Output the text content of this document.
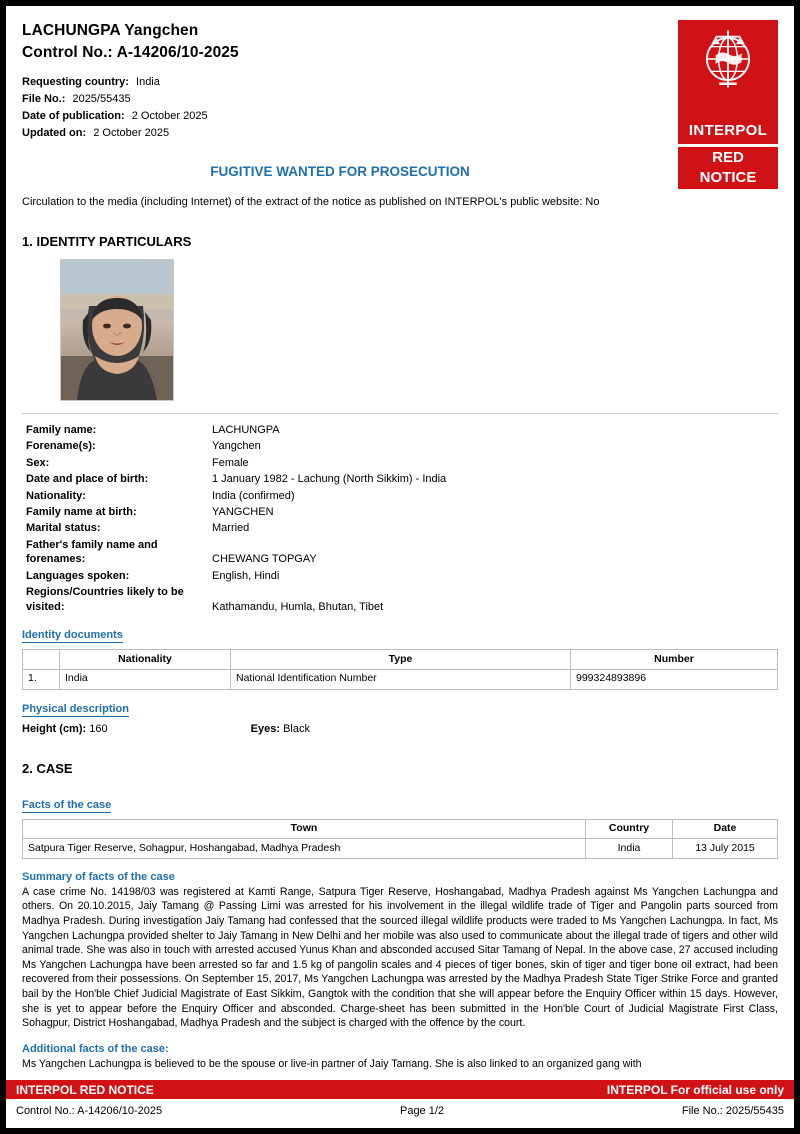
INTERPOL
RED
NOTICE
LACHUNGPA Yangchen
Control No.: A-14206/10-2025
Requesting country: India
File No.: 2025/55435
Date of publication: 2 October 2025
Updated on: 2 October 2025
FUGITIVE WANTED FOR PROSECUTION
Circulation to the media (including Internet) of the extract of the notice as published on INTERPOL's public website: No
1. IDENTITY PARTICULARS
Family name:	LACHUNGPA
Forename(s):	Yangchen
Sex:	Female
Date and place of birth:	1 January 1982 - Lachung (North Sikkim) - India
Nationality:	India (confirmed)
Family name at birth:	YANGCHEN
Marital status:	Married
Father's family name and forenames:	CHEWANG TOPGAY
Languages spoken:	English, Hindi
Regions/Countries likely to be visited:	Kathamandu, Humla, Bhutan, Tibet
Identity documents
	Nationality	Type	Number
1.	India	National Identification Number	999324893896
Physical description
Height (cm): 160	Eyes: Black
2. CASE
Facts of the case
Town	Country	Date
Satpura Tiger Reserve, Sohagpur, Hoshangabad, Madhya Pradesh	India	13 July 2015
Summary of facts of the case
A case crime No. 14198/03 was registered at Kamti Range, Satpura Tiger Reserve, Hoshangabad, Madhya Pradesh against Ms Yangchen Lachungpa and others. On 20.10.2015, Jaiy Tamang @ Passing Limi was arrested for his involvement in the illegal wildlife trade of Tiger and Pangolin parts sourced from Madhya Pradesh. During investigation Jaiy Tamang had confessed that the sourced illegal wildlife products were traded to Ms Yangchen Lachungpa. In fact, Ms Yangchen Lachungpa provided shelter to Jaiy Tamang in New Delhi and her mobile was also used to communicate about the illegal trade of tigers and other wild animal trade. She was also in touch with arrested accused Yunus Khan and absconded accused Sitar Tamang of Nepal. In the above case, 27 accused including Ms Yangchen Lachungpa have been arrested so far and 1.5 kg of pangolin scales and 4 pieces of tiger bones, skin of tiger and tiger bone oil extract, had been recovered from their possessions. On September 15, 2017, Ms Yangchen Lachungpa was arrested by the Madhya Pradesh State Tiger Strike Force and granted bail by the Hon'ble Chief Judicial Magistrate of East Sikkim, Gangtok with the condition that she will appear before the Enquiry Officer within 15 days. However, she is yet to appear before the Enquiry Officer and absconded. Charge-sheet has been submitted in the Hon'ble Court of Judicial Magistrate First Class, Sohagpur, District Hoshangabad, Madhya Pradesh and the subject is charged with the offence by the court.
Additional facts of the case:
Ms Yangchen Lachungpa is believed to be the spouse or live-in partner of Jaiy Tamang. She is also linked to an organized gang with
INTERPOL RED NOTICE	INTERPOL For official use only
Control No.: A-14206/10-2025	Page 1/2	File No.: 2025/55435
